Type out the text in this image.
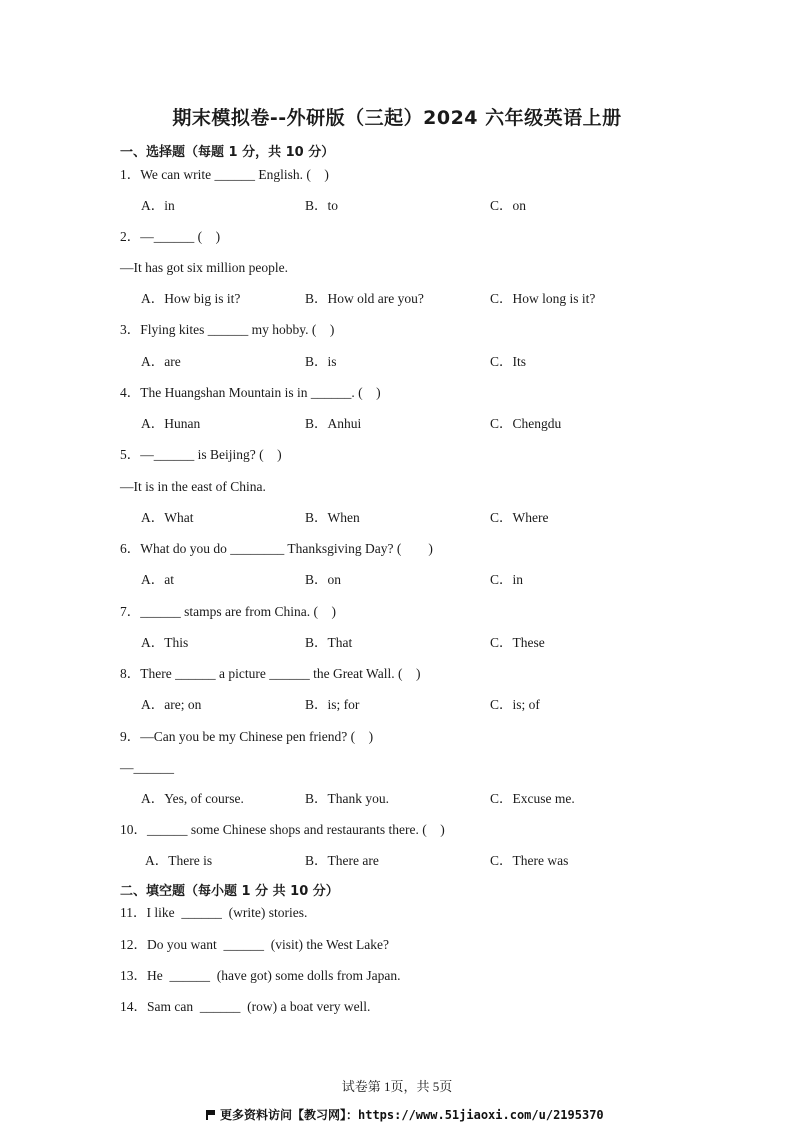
期末模拟卷--外研版（三起）2024 六年级英语上册
一、选择题（每题 1 分，共 10 分）
1．We can write ______ English. (　)
A．in	B．to	C．on
2．—______ (　)
—It has got six million people.
A．How big is it?	B．How old are you?	C．How long is it?
3．Flying kites ______ my hobby. (　)
A．are	B．is	C．Its
4．The Huangshan Mountain is in ______. (　)
A．Hunan	B．Anhui	C．Chengdu
5．—______ is Beijing? (　)
—It is in the east of China.
A．What	B．When	C．Where
6．What do you do ________ Thanksgiving Day? (　　)
A．at	B．on	C．in
7．______ stamps are from China. (　)
A．This	B．That	C．These
8．There ______ a picture ______ the Great Wall. (　)
A．are; on	B．is; for	C．is; of
9．—Can you be my Chinese pen friend? (　)
—______
A．Yes, of course.	B．Thank you.	C．Excuse me.
10．______ some Chinese shops and restaurants there. (　)
A．There is	B．There are	C．There was
二、填空题（每小题 1 分 共 10 分）
11．I like  ______  (write) stories.
12．Do you want  ______  (visit) the West Lake?
13．He  ______  (have got) some dolls from Japan.
14．Sam can  ______  (row) a boat very well.
试卷第 1页，共 5页
更多资料访问【教习网】：https://www.51jiaoxi.com/u/2195370
